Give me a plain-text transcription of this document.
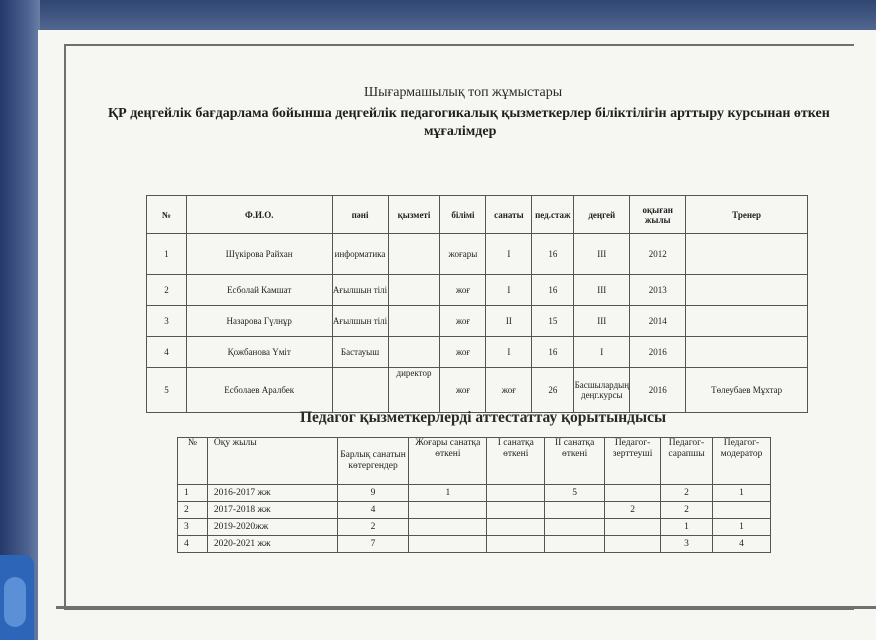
Шығармашылық топ жұмыстары
ҚР деңгейлік бағдарлама бойынша деңгейлік педагогикалық қызметкерлер біліктілігін арттыру курсынан өткен
мұғалімдер
№	Ф.И.О.	пәні	қызметі	білімі	санаты	пед.стаж	деңгей	оқыған жылы	Тренер
1	Шүкірова Райхан	информатика		жоғары	I	16	III	2012	
2	Есболай Камшат	Ағылшын тілі		жоғ	I	16	III	2013	
3	Назарова Гүлнұр	Ағылшын тілі		жоғ	II	15	III	2014	
4	Қожбанова Үміт	Бастауыш		жоғ	I	16	I	2016	
5	Есболаев Аралбек		директор	жоғ	жоғ	26	Басшылардың деңг.курсы	2016	Төлеубаев Мұхтар
Педагог қызметкерлерді аттестаттау қорытындысы
№	Оқу жылы	Барлық санатын көтергендер	Жоғары санатқа өткені	I санатқа өткені	II санатқа өткені	Педагог-зерттеуші	Педагог-сарапшы	Педагог-модератор
1	2016-2017 жж	9	1		5		2	1
2	2017-2018 жж	4				2	2	
3	2019-2020жж	2					1	1
4	2020-2021 жж	7					3	4
